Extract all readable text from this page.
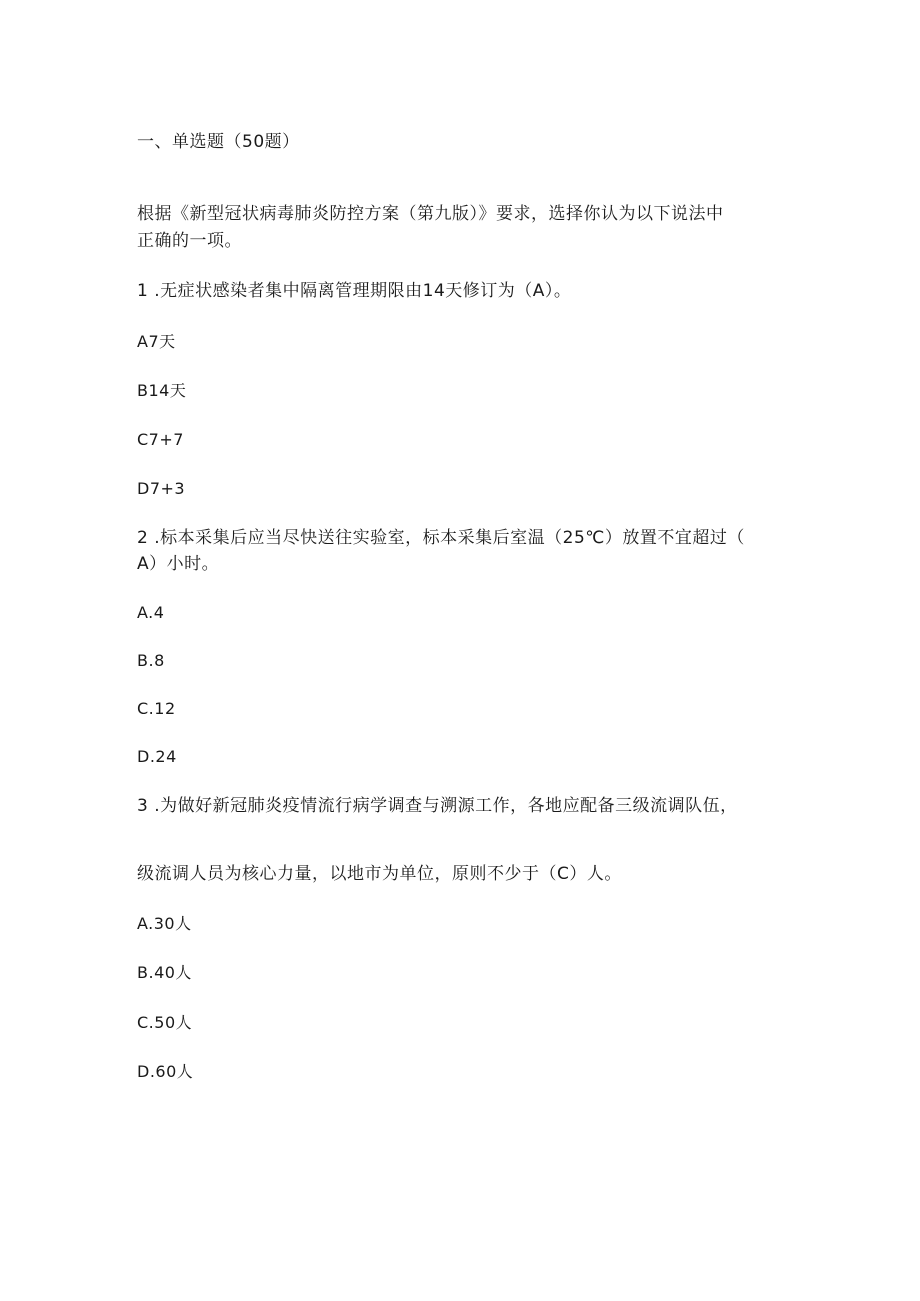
一、单选题（50题）
根据《新型冠状病毒肺炎防控方案（第九版）》要求，选择你认为以下说法中
正确的一项。
1 .无症状感染者集中隔离管理期限由14天修订为（A）。
A7天
B14天
C7+7
D7+3
2 .标本采集后应当尽快送往实验室，标本采集后室温（25℃）放置不宜超过（
A）小时。
A.4
B.8
C.12
D.24
3 .为做好新冠肺炎疫情流行病学调查与溯源工作，各地应配备三级流调队伍，
级流调人员为核心力量，以地市为单位，原则不少于（C）人。
A.30人
B.40人
C.50人
D.60人
